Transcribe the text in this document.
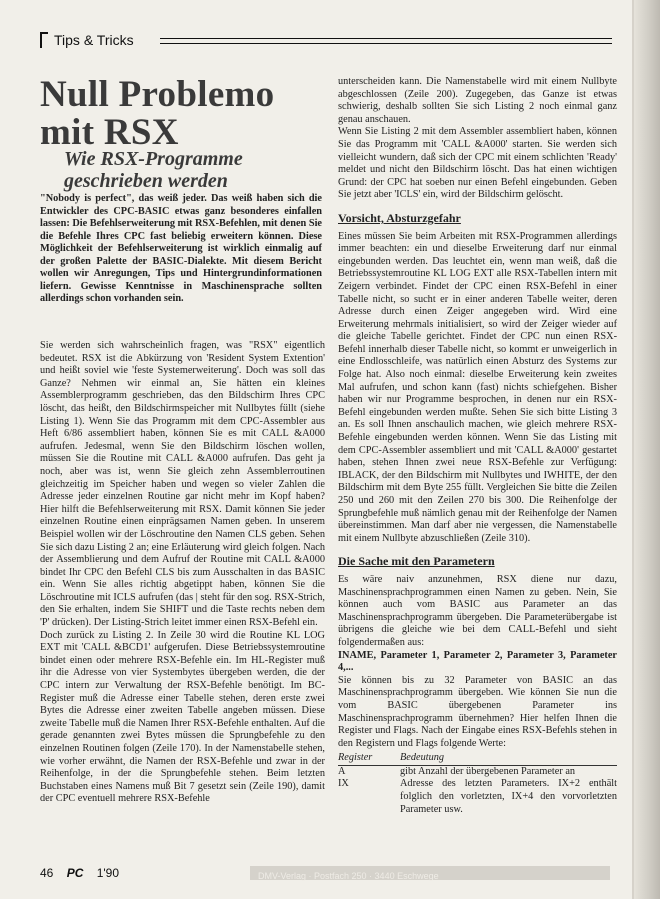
Tips & Tricks
Null Problemo
mit RSX
Wie RSX-Programme
geschrieben werden
"Nobody is perfect", das weiß jeder. Das weiß haben sich die Entwickler des CPC-BASIC etwas ganz besonderes einfallen lassen: Die Befehlserweiterung mit RSX-Befehlen, mit denen Sie die Befehle Ihres CPC fast beliebig erweitern können. Diese Möglichkeit der Befehlserweiterung ist wirklich einmalig auf der großen Palette der BASIC-Dialekte. Mit diesem Bericht wollen wir Anregungen, Tips und Hintergrundinformationen liefern. Gewisse Kenntnisse in Maschinensprache sollten allerdings schon vorhanden sein.

Sie werden sich wahrscheinlich fragen, was "RSX" eigentlich bedeutet. RSX ist die Abkürzung von 'Resident System Extention' und heißt soviel wie 'feste Systemerweiterung'. Doch was soll das Ganze? Nehmen wir einmal an, Sie hätten ein kleines Assemblerprogramm geschrieben, das den Bildschirm Ihres CPC löscht, das heißt, den Bildschirmspeicher mit Nullbytes füllt (siehe Listing 1). Wenn Sie das Programm mit dem CPC-Assembler aus Heft 6/86 assembliert haben, können Sie es mit CALL &A000 aufrufen. Jedesmal, wenn Sie den Bildschirm löschen wollen, müssen Sie die Routine mit CALL &A000 aufrufen. Das geht ja noch, aber was ist, wenn Sie gleich zehn Assemblerroutinen gleichzeitig im Speicher haben und wegen so vieler Zahlen die Adresse jeder einzelnen Routine gar nicht mehr im Kopf haben? Hier hilft die Befehlserweiterung mit RSX. Damit können Sie jeder einzelnen Routine einen einprägsamen Namen geben. In unserem Beispiel wollen wir der Löschroutine den Namen CLS geben. Sehen Sie sich dazu Listing 2 an; eine Erläuterung wird gleich folgen. Nach der Assemblierung und dem Aufruf der Routine mit CALL &A000 bindet Ihr CPC den Befehl CLS bis zum Ausschalten in das BASIC ein. Wenn Sie alles richtig abgetippt haben, können Sie die Löschroutine mit ICLS aufrufen (das | steht für den sog. RSX-Strich, den Sie erhalten, indem Sie SHIFT und die Taste rechts neben dem 'P' drücken). Der Listing-Strich leitet immer einen RSX-Befehl ein.

Doch zurück zu Listing 2. In Zeile 30 wird die Routine KL LOG EXT mit 'CALL &BCD1' aufgerufen. Diese Betriebssystemroutine bindet einen oder mehrere RSX-Befehle ein. Im HL-Register muß ihr die Adresse von vier Systembytes übergeben werden, die der CPC intern zur Verwaltung der RSX-Befehle benötigt. Im BC-Register muß die Adresse einer Tabelle stehen, deren erste zwei Bytes die Adresse einer zweiten Tabelle angeben müssen. Diese zweite Tabelle muß die Namen Ihrer RSX-Befehle enthalten. Auf die gerade genannten zwei Bytes müssen die Sprungbefehle zu den einzelnen Routinen folgen (Zeile 170). In der Namenstabelle stehen, wie vorher erwähnt, die Namen der RSX-Befehle und zwar in der Reihenfolge, in der die Sprungbefehle stehen. Beim letzten Buchstaben eines Namens muß Bit 7 gesetzt sein (Zeile 190), damit der CPC eventuell mehrere RSX-Befehle

unterscheiden kann. Die Namenstabelle wird mit einem Nullbyte abgeschlossen (Zeile 200). Zugegeben, das Ganze ist etwas schwierig, deshalb sollten Sie sich Listing 2 noch einmal ganz genau anschauen.

Wenn Sie Listing 2 mit dem Assembler assembliert haben, können Sie das Programm mit 'CALL &A000' starten. Sie werden sich vielleicht wundern, daß sich der CPC mit einem schlichten 'Ready' meldet und nicht den Bildschirm löscht. Das hat einen wichtigen Grund: der CPC hat soeben nur einen Befehl eingebunden. Geben Sie jetzt aber 'ICLS' ein, wird der Bildschirm gelöscht.

Vorsicht, Absturzgefahr

Eines müssen Sie beim Arbeiten mit RSX-Programmen allerdings immer beachten: ein und dieselbe Erweiterung darf nur einmal eingebunden werden. Das leuchtet ein, wenn man weiß, daß die Betriebssystemroutine KL LOG EXT alle RSX-Tabellen intern mit Zeigern verbindet. Findet der CPC einen RSX-Befehl in einer Tabelle nicht, so sucht er in einer anderen Tabelle weiter, deren Adresse durch einen Zeiger angegeben wird. Wird eine Erweiterung mehrmals initialisiert, so wird der Zeiger wieder auf die gleiche Tabelle gerichtet. Findet der CPC nun einen RSX-Befehl innerhalb dieser Tabelle nicht, so kommt er unweigerlich in eine Endlosschleife, was natürlich einen Absturz des Systems zur Folge hat. Also noch einmal: dieselbe Erweiterung kein zweites Mal aufrufen, und schon kann (fast) nichts schiefgehen. Bisher haben wir nur Programme besprochen, in denen nur ein RSX-Befehl eingebunden werden mußte. Sehen Sie sich bitte Listing 3 an. Es soll Ihnen anschaulich machen, wie gleich mehrere RSX-Befehle eingebunden werden können. Wenn Sie das Listing mit dem CPC-Assembler assembliert und mit 'CALL &A000' gestartet haben, stehen Ihnen zwei neue RSX-Befehle zur Verfügung: IBLACK, der den Bildschirm mit Nullbytes und IWHITE, der den Bildschirm mit dem Byte 255 füllt. Vergleichen Sie bitte die Zeilen 250 und 260 mit den Zeilen 270 bis 300. Die Reihenfolge der Sprungbefehle muß nämlich genau mit der Reihenfolge der Namen übereinstimmen. Man darf aber nie vergessen, die Namenstabelle mit einem Nullbyte abzuschließen (Zeile 310).

Die Sache mit den Parametern

Es wäre naiv anzunehmen, RSX diene nur dazu, Maschinensprachprogrammen einen Namen zu geben. Nein, Sie können auch vom BASIC aus Parameter an das Maschinensprachprogramm übergeben. Die Parameterübergabe ist übrigens die gleiche wie bei dem CALL-Befehl und sieht folgendermaßen aus:

INAME, Parameter 1, Parameter 2, Parameter 3, Parameter 4,...

Sie können bis zu 32 Parameter von BASIC an das Maschinensprachprogramm übergeben. Wie können Sie nun die vom BASIC übergebenen Parameter ins Maschinensprachprogramm übernehmen? Hier helfen Ihnen die Register und Flags. Nach der Eingabe eines RSX-Befehls stehen in den Registern und Flags folgende Werte:

Register	Bedeutung
A	gibt Anzahl der übergebenen Parameter an
IX	Adresse des letzten Parameters. IX+2 enthält folglich den vorletzten, IX+4 den vorvorletzten Parameter usw.
DMV-Verlag · Postfach 250 · 3440 Eschwege
46 PC 1'90
